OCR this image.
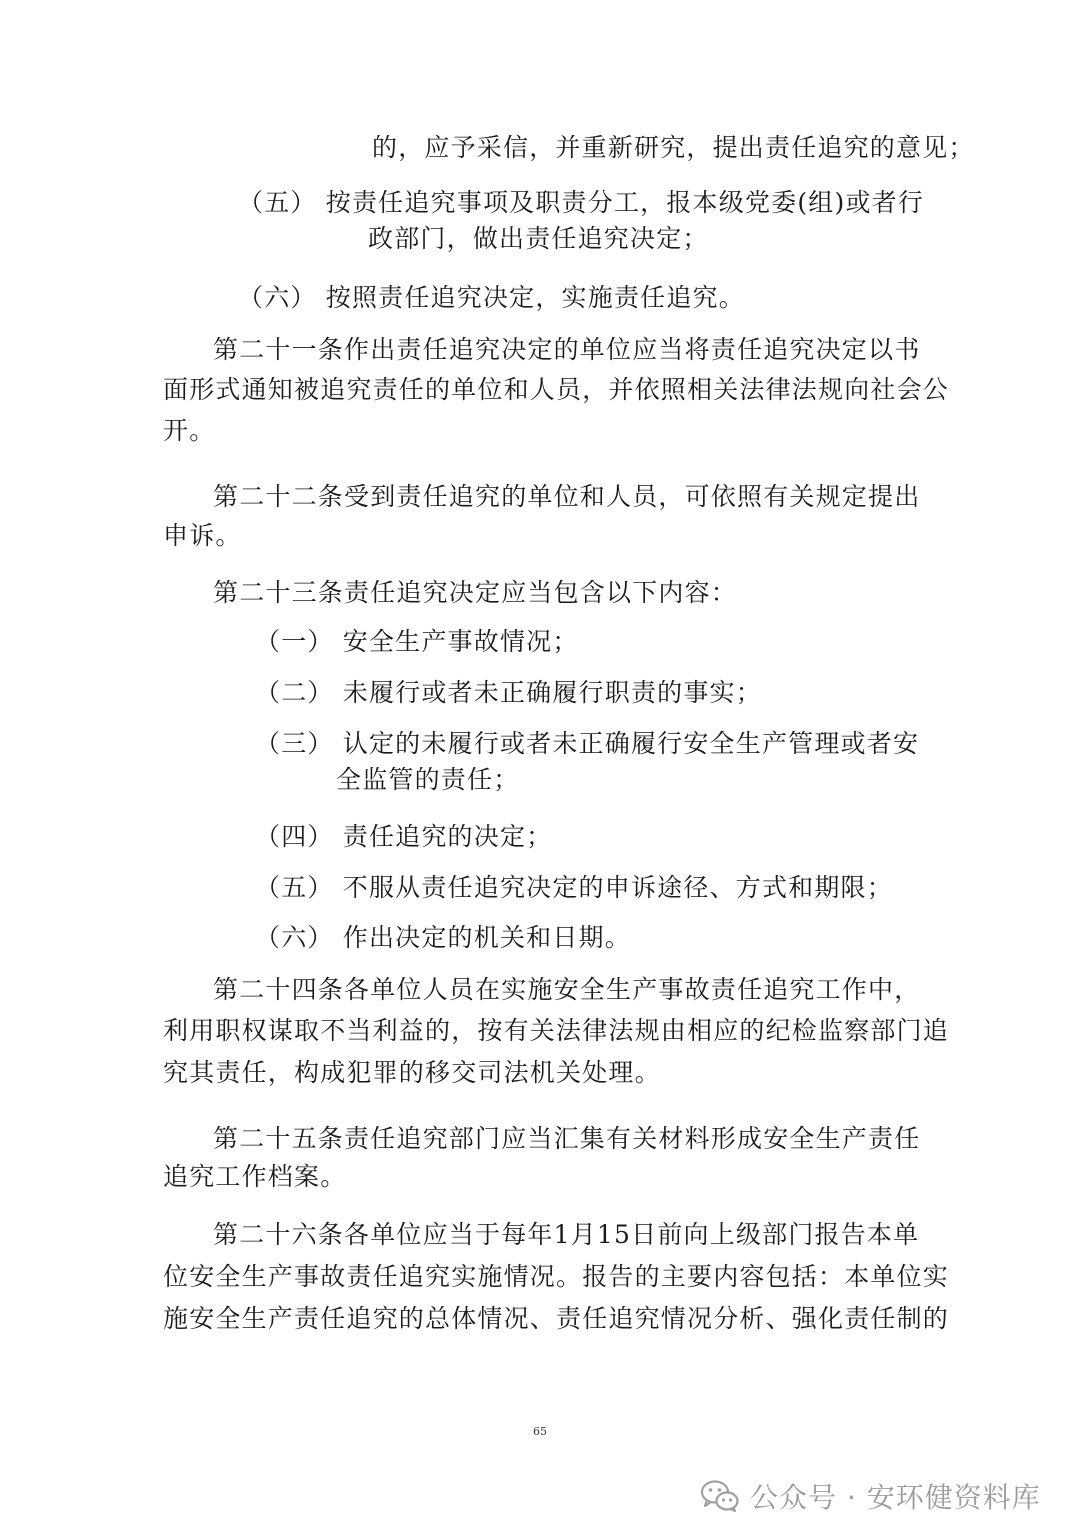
的，应予采信，并重新研究，提出责任追究的意见；
（五） 按责任追究事项及职责分工，报本级党委(组)或者行
政部门，做出责任追究决定；
（六） 按照责任追究决定，实施责任追究。
第二十一条作出责任追究决定的单位应当将责任追究决定以书
面形式通知被追究责任的单位和人员，并依照相关法律法规向社会公
开。
第二十二条受到责任追究的单位和人员，可依照有关规定提出
申诉。
第二十三条责任追究决定应当包含以下内容：
（一） 安全生产事故情况；
（二） 未履行或者未正确履行职责的事实；
（三） 认定的未履行或者未正确履行安全生产管理或者安
全监管的责任；
（四） 责任追究的决定；
（五） 不服从责任追究决定的申诉途径、方式和期限；
（六） 作出决定的机关和日期。
第二十四条各单位人员在实施安全生产事故责任追究工作中，
利用职权谋取不当利益的，按有关法律法规由相应的纪检监察部门追
究其责任，构成犯罪的移交司法机关处理。
第二十五条责任追究部门应当汇集有关材料形成安全生产责任
追究工作档案。
第二十六条各单位应当于每年1月15日前向上级部门报告本单
位安全生产事故责任追究实施情况。报告的主要内容包括：本单位实
施安全生产责任追究的总体情况、责任追究情况分析、强化责任制的
65
公众号 · 安环健资料库
